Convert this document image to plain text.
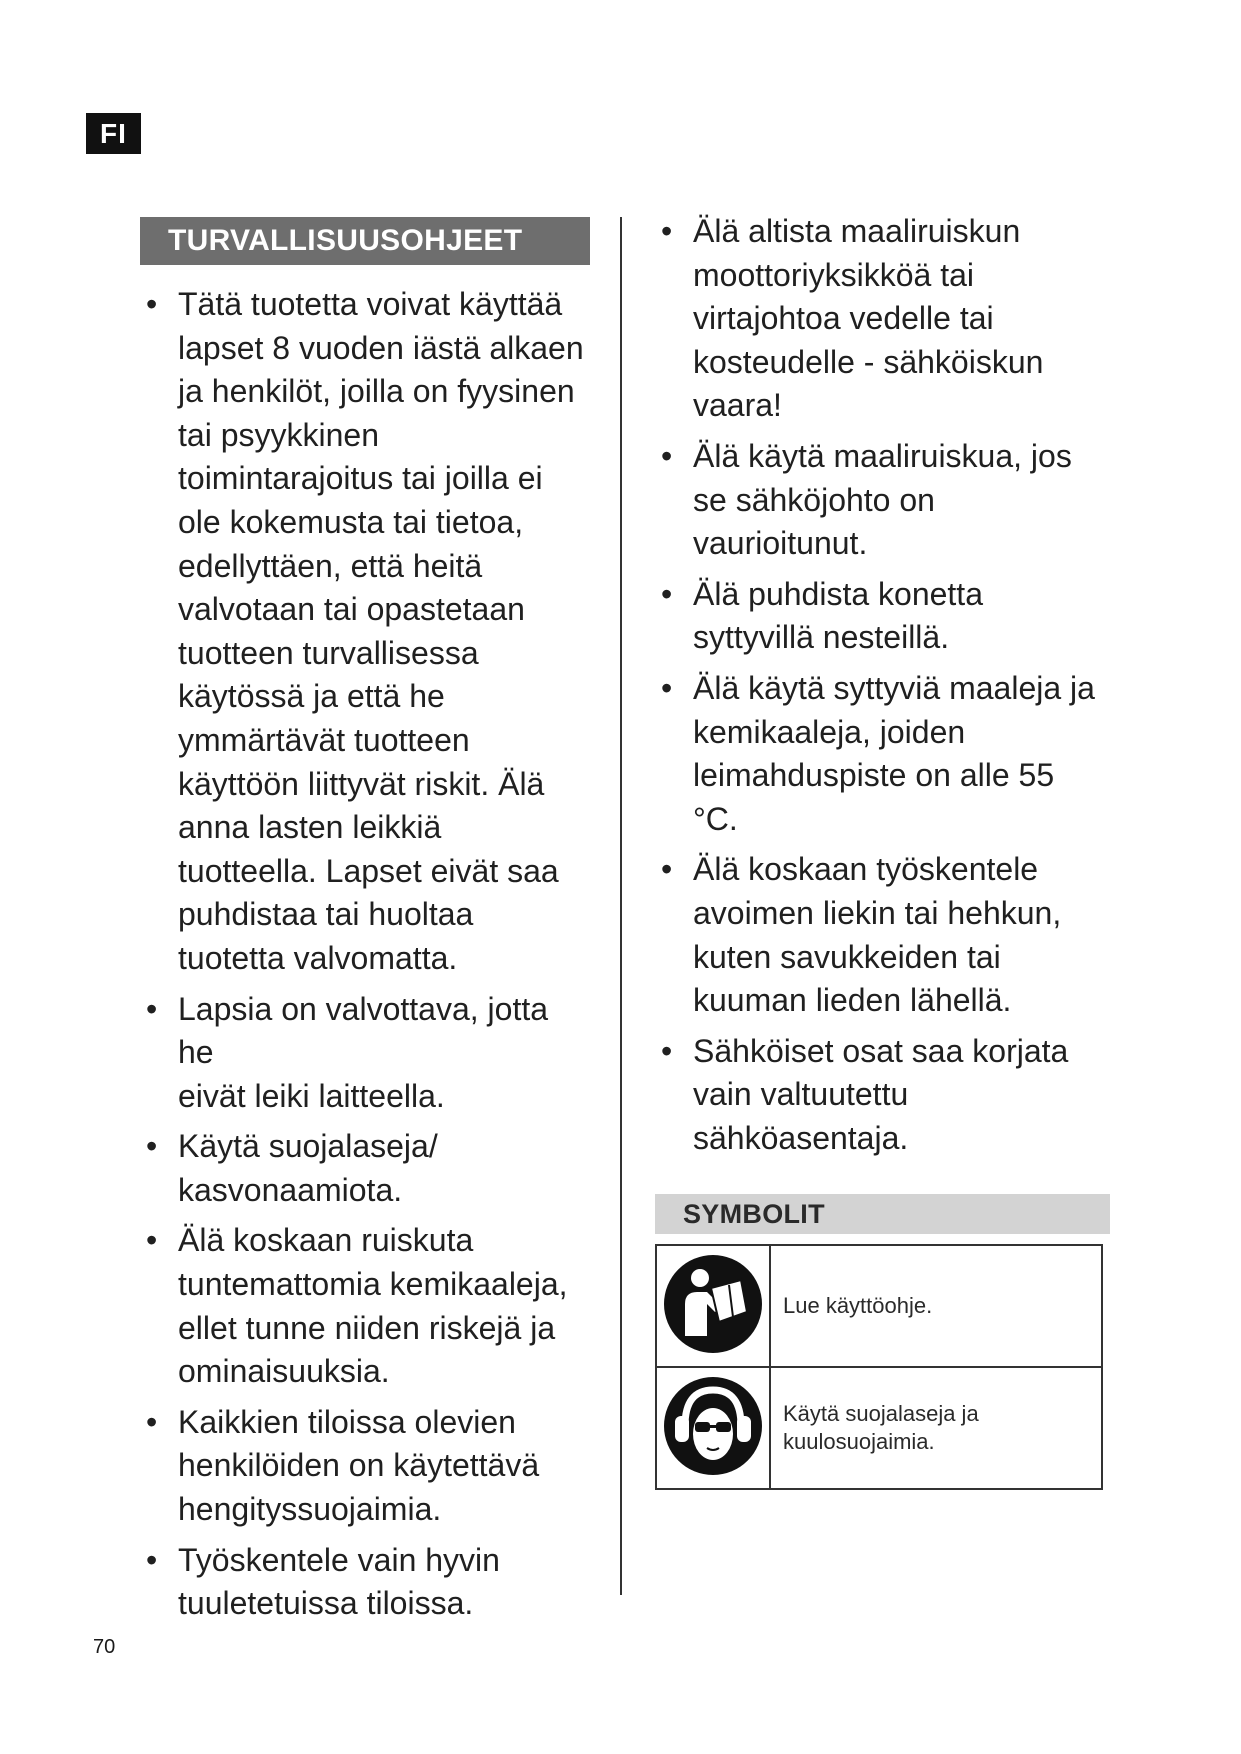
FI
TURVALLISUUSOHJEET
• Tätä tuotetta voivat käyttää
lapset 8 vuoden iästä alkaen
ja henkilöt, joilla on fyysinen
tai psyykkinen
toimintarajoitus tai joilla ei
ole kokemusta tai tietoa,
edellyttäen, että heitä
valvotaan tai opastetaan
tuotteen turvallisessa
käytössä ja että he
ymmärtävät tuotteen
käyttöön liittyvät riskit. Älä
anna lasten leikkiä
tuotteella. Lapset eivät saa
puhdistaa tai huoltaa
tuotetta valvomatta.
• Lapsia on valvottava, jotta he
eivät leiki laitteella.
• Käytä suojalaseja/
kasvonaamiota.
• Älä koskaan ruiskuta
tuntemattomia kemikaaleja,
ellet tunne niiden riskejä ja
ominaisuuksia.
• Kaikkien tiloissa olevien
henkilöiden on käytettävä
hengityssuojaimia.
• Työskentele vain hyvin
tuuletetuissa tiloissa.
• Älä altista maaliruiskun
moottoriyksikköä tai
virtajohtoa vedelle tai
kosteudelle - sähköiskun
vaara!
• Älä käytä maaliruiskua, jos
se sähköjohto on
vaurioitunut.
• Älä puhdista konetta
syttyvillä nesteillä.
• Älä käytä syttyviä maaleja ja
kemikaaleja, joiden
leimahduspiste on alle 55
°C.
• Älä koskaan työskentele
avoimen liekin tai hehkun,
kuten savukkeiden tai
kuuman lieden lähellä.
• Sähköiset osat saa korjata
vain valtuutettu
sähköasentaja.
SYMBOLIT
	Lue käyttöohje.
	Käytä suojalaseja ja
kuulosuojaimia.
70
